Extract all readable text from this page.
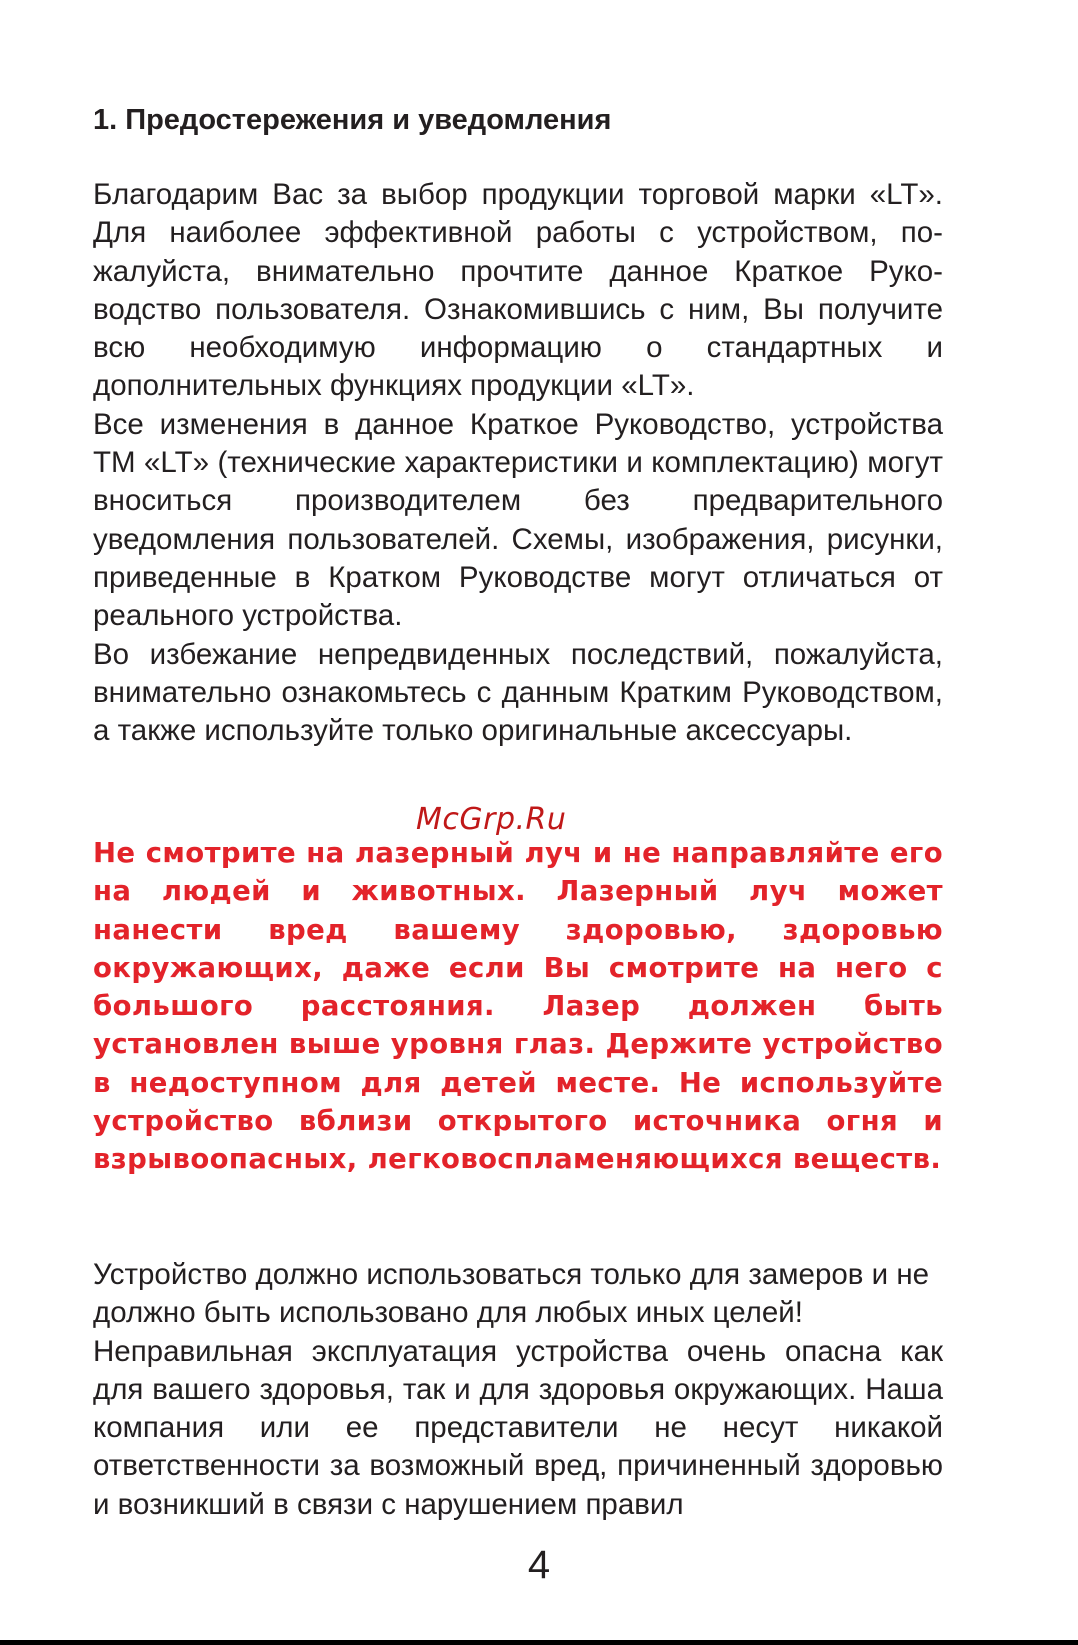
1. Предостережения и уведомления

Благодарим Вас за выбор продукции торговой марки «LT». Для наиболее эффективной работы с устройством, пожалуйста, внимательно прочтите данное Краткое Руководство пользователя. Ознакомившись с ним, Вы получите всю необходимую информацию о стандартных и дополнительных функциях продукции «LT».

Все изменения в данное Краткое Руководство, устройства ТМ «LT» (технические характеристики и комплектацию) могут вноситься производителем без предварительного уведомления пользователей. Схемы, изображения, рисунки, приведенные в Кратком Руководстве могут отличаться от реального устройства.

Во избежание непредвиденных последствий, пожалуйста, внимательно ознакомьтесь с данным Кратким Руководством, а также используйте только оригинальные аксессуары.

McGrp.Ru

Не смотрите на лазерный луч и не направляйте его на людей и животных. Лазерный луч может нанести вред вашему здоровью, здоровью окружающих, даже если Вы смотрите на него с большого расстояния. Лазер должен быть установлен выше уровня глаз. Держите устройство в недоступном для детей месте. Не используйте устройство вблизи открытого источника огня и взрывоопасных, легковоспламеняющихся веществ.

Устройство должно использоваться только для замеров и не должно быть использовано для любых иных целей!

Неправильная эксплуатация устройства очень опасна как для вашего здоровья, так и для здоровья окружающих. Наша компания или ее представители не несут никакой ответственности за возможный вред, причиненный здоровью и возникший в связи с нарушением правил

4
